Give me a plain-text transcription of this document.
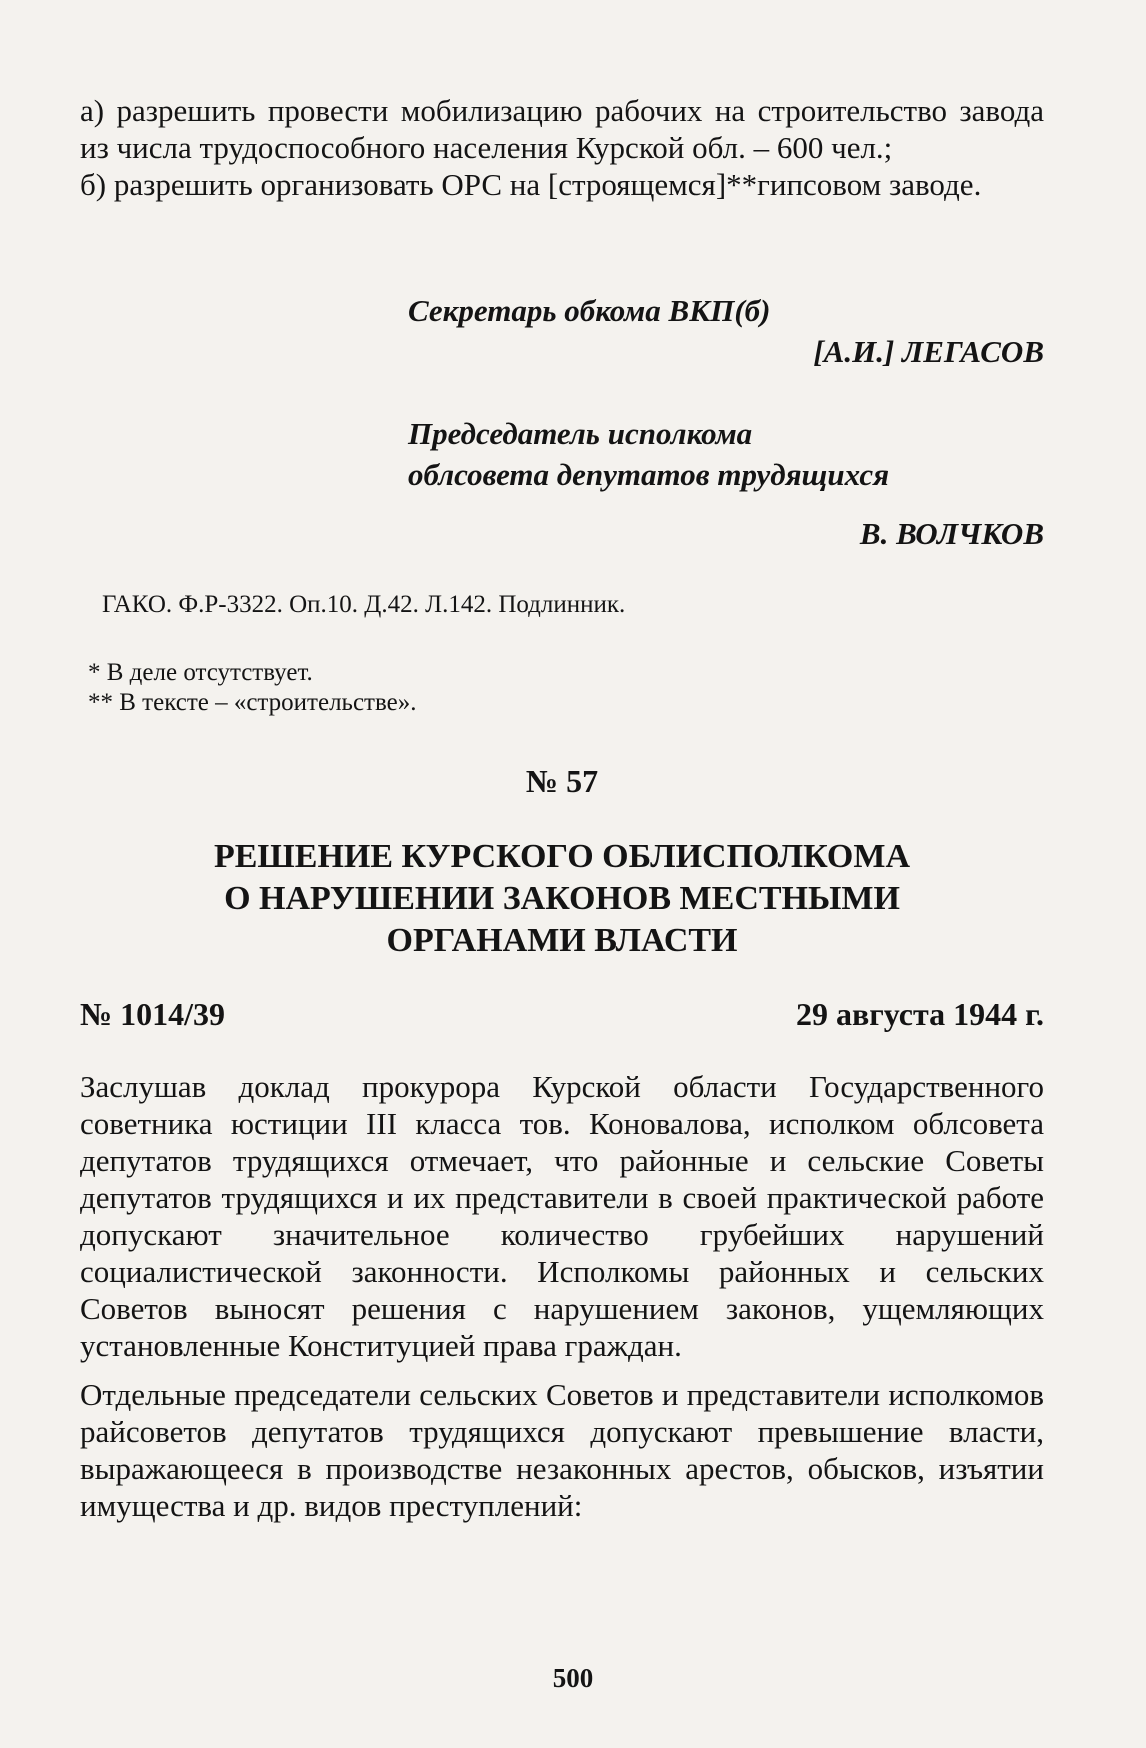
а) разрешить провести мобилизацию рабочих на строительство завода из числа трудоспособного населения Курской обл. – 600 чел.;

б) разрешить организовать ОРС на [строящемся]**гипсовом заводе.

Секретарь обкома ВКП(б)
[А.И.] ЛЕГАСОВ
Председатель исполкома
облсовета депутатов трудящихся
В. ВОЛЧКОВ
ГАКО. Ф.Р-3322. Оп.10. Д.42. Л.142. Подлинник.
* В деле отсутствует.
** В тексте – «строительстве».
№ 57
РЕШЕНИЕ КУРСКОГО ОБЛИСПОЛКОМА
О НАРУШЕНИИ ЗАКОНОВ МЕСТНЫМИ
ОРГАНАМИ ВЛАСТИ
№ 1014/39	29 августа 1944 г.

Заслушав доклад прокурора Курской области Государственного советника юстиции III класса тов. Коновалова, исполком облсовета депутатов трудящихся отмечает, что районные и сельские Советы депутатов трудящихся и их представители в своей практической работе допускают значительное количество грубейших нарушений социалистической законности. Исполкомы районных и сельских Советов выносят решения с нарушением законов, ущемляющих установленные Конституцией права граждан.

Отдельные председатели сельских Советов и представители исполкомов райсоветов депутатов трудящихся допускают превышение власти, выражающееся в производстве незаконных арестов, обысков, изъятии имущества и др. видов преступлений:

500
